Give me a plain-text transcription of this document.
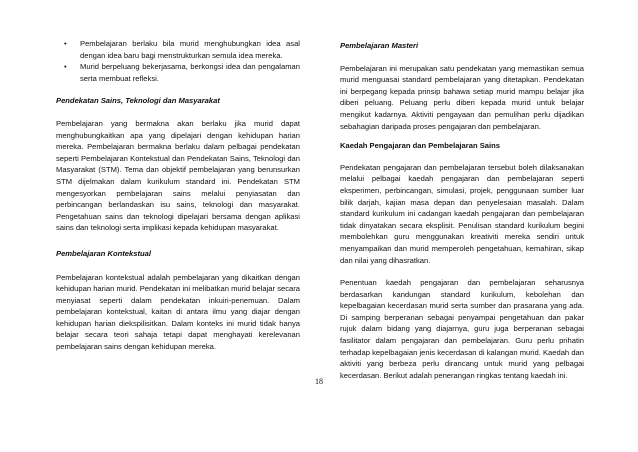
• Pembelajaran berlaku bila murid menghubungkan idea asal dengan idea baru bagi menstrukturkan semula idea mereka.
• Murid berpeluang bekerjasama, berkongsi idea dan pengalaman serta membuat refleksi.

Pendekatan Sains, Teknologi dan Masyarakat

Pembelajaran yang bermakna akan berlaku jika murid dapat menghubungkaitkan apa yang dipelajari dengan kehidupan harian mereka. Pembelajaran bermakna berlaku dalam pelbagai pendekatan seperti Pembelajaran Kontekstual dan Pendekatan Sains, Teknologi dan Masyarakat (STM). Tema dan objektif pembelajaran yang berunsurkan STM dijelmakan dalam kurikulum standard ini. Pendekatan STM mengesyorkan pembelajaran sains melalui penyiasatan dan perbincangan berlandaskan isu sains, teknologi dan masyarakat. Pengetahuan sains dan teknologi dipelajari bersama dengan aplikasi sains dan teknologi serta implikasi kepada kehidupan masyarakat.

Pembelajaran Kontekstual

Pembelajaran kontekstual adalah pembelajaran yang dikaitkan dengan kehidupan harian murid. Pendekatan ini melibatkan murid belajar secara menyiasat seperti dalam pendekatan inkuiri-penemuan. Dalam pembelajaran kontekstual, kaitan di antara ilmu yang diajar dengan kehidupan harian diekspilisitkan. Dalam konteks ini murid tidak hanya belajar secara teori sahaja tetapi dapat menghayati kerelevanan pembelajaran sains dengan kehidupan mereka.

Pembelajaran Masteri

Pembelajaran ini merupakan satu pendekatan yang memastikan semua murid menguasai standard pembelajaran yang ditetapkan. Pendekatan ini berpegang kepada prinsip bahawa setiap murid mampu belajar jika diberi peluang. Peluang perlu diberi kepada murid untuk belajar mengikut kadarnya. Aktiviti pengayaan dan pemulihan perlu dijadikan sebahagian daripada proses pengajaran dan pembelajaran.

Kaedah Pengajaran dan Pembelajaran Sains

Pendekatan pengajaran dan pembelajaran tersebut boleh dilaksanakan melalui pelbagai kaedah pengajaran dan pembelajaran seperti eksperimen, perbincangan, simulasi, projek, penggunaan sumber luar bilik darjah, kajian masa depan dan penyelesaian masalah. Dalam standard kurikulum ini cadangan kaedah pengajaran dan pembelajaran tidak dinyatakan secara eksplisit. Penulisan standard kurikulum begini membolehkan guru menggunakan kreativiti mereka sendiri untuk menyampaikan dan murid memperoleh pengetahuan, kemahiran, sikap dan nilai yang dihasratkan.

Penentuan kaedah pengajaran dan pembelajaran seharusnya berdasarkan kandungan standard kurikulum, kebolehan dan kepelbagaian kecerdasan murid serta sumber dan prasarana yang ada. Di samping berperanan sebagai penyampai pengetahuan dan pakar rujuk dalam bidang yang diajarnya, guru juga berperanan sebagai fasilitator dalam pengajaran dan pembelajaran. Guru perlu prihatin terhadap kepelbagaian jenis kecerdasan di kalangan murid. Kaedah dan aktiviti yang berbeza perlu dirancang untuk murid yang pelbagai kecerdasan. Berikut adalah penerangan ringkas tentang kaedah ini.

18
